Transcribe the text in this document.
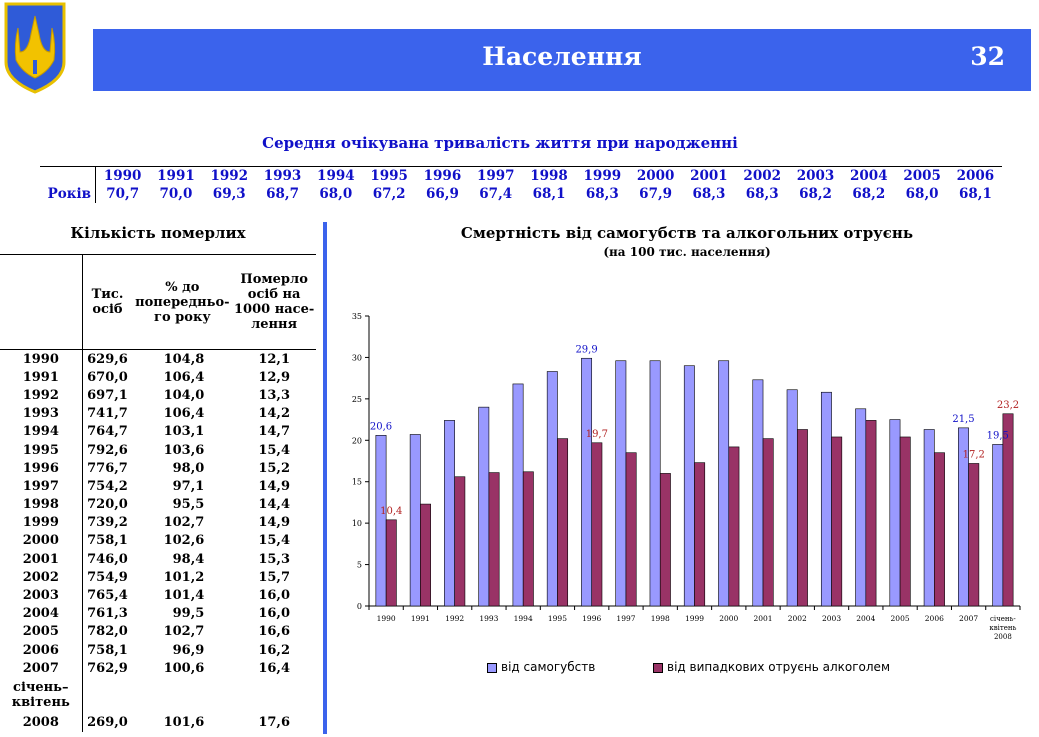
Населення	32
Середня очікувана тривалість життя при народженні
	1990	1991	1992	1993	1994	1995	1996	1997	1998	1999	2000	2001	2002	2003	2004	2005	2006
Років	70,7	70,0	69,3	68,7	68,0	67,2	66,9	67,4	68,1	68,3	67,9	68,3	68,3	68,2	68,2	68,0	68,1
Кількість померлих
	Тис. осіб	% до попередньо-го року	Померло осіб на 1000 насе-лення
1990	629,6	104,8	12,1
1991	670,0	106,4	12,9
1992	697,1	104,0	13,3
1993	741,7	106,4	14,2
1994	764,7	103,1	14,7
1995	792,6	103,6	15,4
1996	776,7	98,0	15,2
1997	754,2	97,1	14,9
1998	720,0	95,5	14,4
1999	739,2	102,7	14,9
2000	758,1	102,6	15,4
2001	746,0	98,4	15,3
2002	754,9	101,2	15,7
2003	765,4	101,4	16,0
2004	761,3	99,5	16,0
2005	782,0	102,7	16,6
2006	758,1	96,9	16,2
2007	762,9	100,6	16,4
січень–квітень			
2008	269,0	101,6	17,6
Смертність від самогубств та алкогольних отруєнь
(на 100 тис. населення)
0
5
10
15
20
25
30
35
1990 1991 1992 1993 1994 1995 1996 1997 1998 1999 2000 2001 2002 2003 2004 2005 2006 2007 січень-
квітень
2008
20,6
10,4
29,9
19,7
21,5
17,2
19,5
23,2
від самогубств	від випадкових отруєнь алкоголем
